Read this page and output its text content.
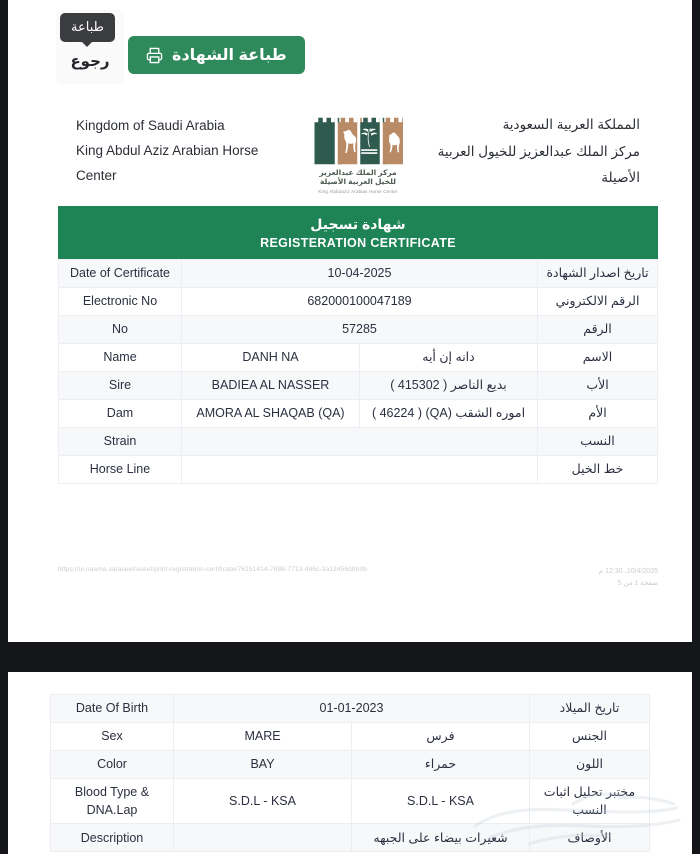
رجوع
طباعة
طباعة الشهادة
Kingdom of Saudi Arabia
King Abdul Aziz Arabian Horse Center	مركز الملك عبدالعزيز
للخيل العربية الأصيلة
King Abdulaziz Arabian Horse Center
المملكة العربية السعودية
مركز الملك عبدالعزيز للخيول العربية الأصيلة
شهادة تسجيل
REGISTERATION CERTIFICATE
Date of Certificate	10-04-2025		تاريخ اصدار الشهادة
Electronic No	682000100047189		الرقم الالكتروني
No	57285		الرقم
Name	DANH NA	دانه إن أيه	الاسم
Sire	BADIEA AL NASSER	بديع الناصر ( 415302 )	الأب
Dam	AMORA AL SHAQAB (QA)	اموره الشقب (QA) ( 46224 )	الأم
Strain			النسب
Horse Line			خط الخيل
https://ui.naama.sa/aseel/aseel/print-registration-certificate/76151414-7888-7713-486c-3a12456d8b0b	10/4/2025، 12:30 م
صفحة 1 من 5
Date Of Birth	01-01-2023		تاريخ الميلاد
Sex	MARE	فرس	الجنس
Color	BAY	حمراء	اللون
Blood Type & DNA.Lap	S.D.L - KSA	S.D.L - KSA	مختبر تحليل اثبات النسب
Description		شعيرات بيضاء على الجبهه	الأوصاف
